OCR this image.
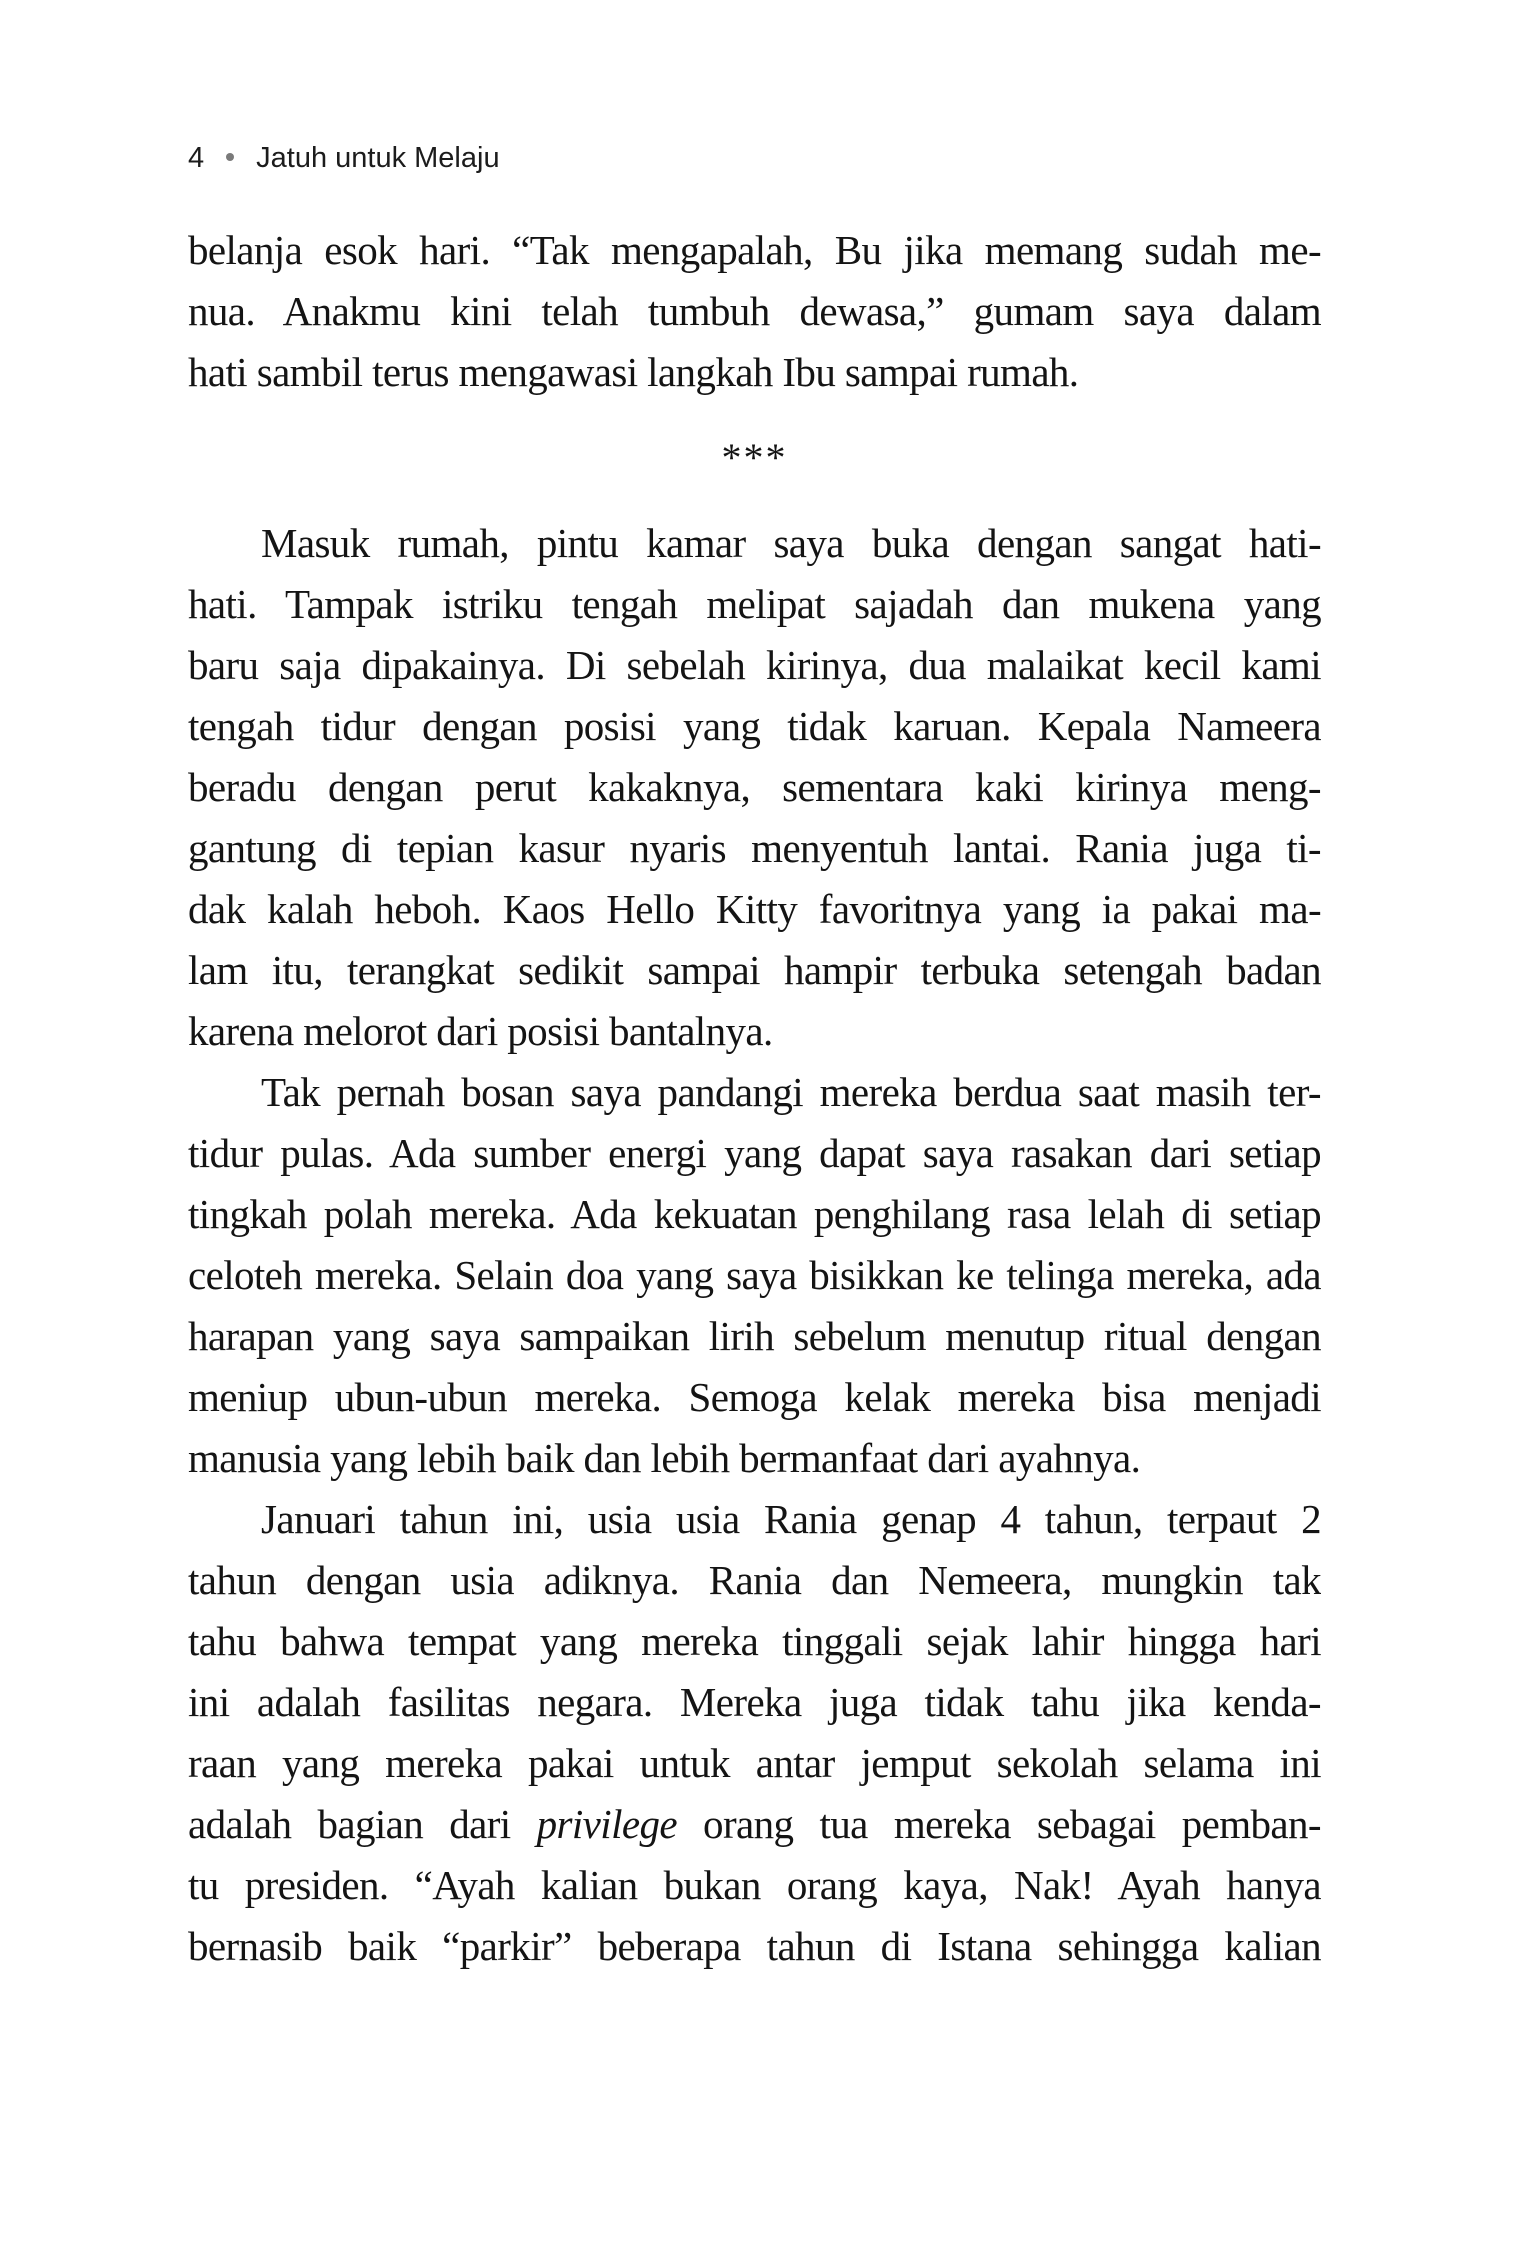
4 Jatuh untuk Melaju
belanja esok hari. “Tak mengapalah, Bu jika memang sudah me-
nua. Anakmu kini telah tumbuh dewasa,” gumam saya dalam
hati sambil terus mengawasi langkah Ibu sampai rumah.
***
Masuk rumah, pintu kamar saya buka dengan sangat hati-
hati. Tampak istriku tengah melipat sajadah dan mukena yang
baru saja dipakainya. Di sebelah kirinya, dua malaikat kecil kami
tengah tidur dengan posisi yang tidak karuan. Kepala Nameera
beradu dengan perut kakaknya, sementara kaki kirinya meng-
gantung di tepian kasur nyaris menyentuh lantai. Rania juga ti-
dak kalah heboh. Kaos Hello Kitty favoritnya yang ia pakai ma-
lam itu, terangkat sedikit sampai hampir terbuka setengah badan
karena melorot dari posisi bantalnya.
Tak pernah bosan saya pandangi mereka berdua saat masih ter-
tidur pulas. Ada sumber energi yang dapat saya rasakan dari setiap
tingkah polah mereka. Ada kekuatan penghilang rasa lelah di setiap
celoteh mereka. Selain doa yang saya bisikkan ke telinga mereka, ada
harapan yang saya sampaikan lirih sebelum menutup ritual dengan
meniup ubun-ubun mereka. Semoga kelak mereka bisa menjadi
manusia yang lebih baik dan lebih bermanfaat dari ayahnya.
Januari tahun ini, usia usia Rania genap 4 tahun, terpaut 2
tahun dengan usia adiknya. Rania dan Nemeera, mungkin tak
tahu bahwa tempat yang mereka tinggali sejak lahir hingga hari
ini adalah fasilitas negara. Mereka juga tidak tahu jika kenda-
raan yang mereka pakai untuk antar jemput sekolah selama ini
adalah bagian dari privilege orang tua mereka sebagai pemban-
tu presiden. “Ayah kalian bukan orang kaya, Nak! Ayah hanya
bernasib baik “parkir” beberapa tahun di Istana sehingga kalian
